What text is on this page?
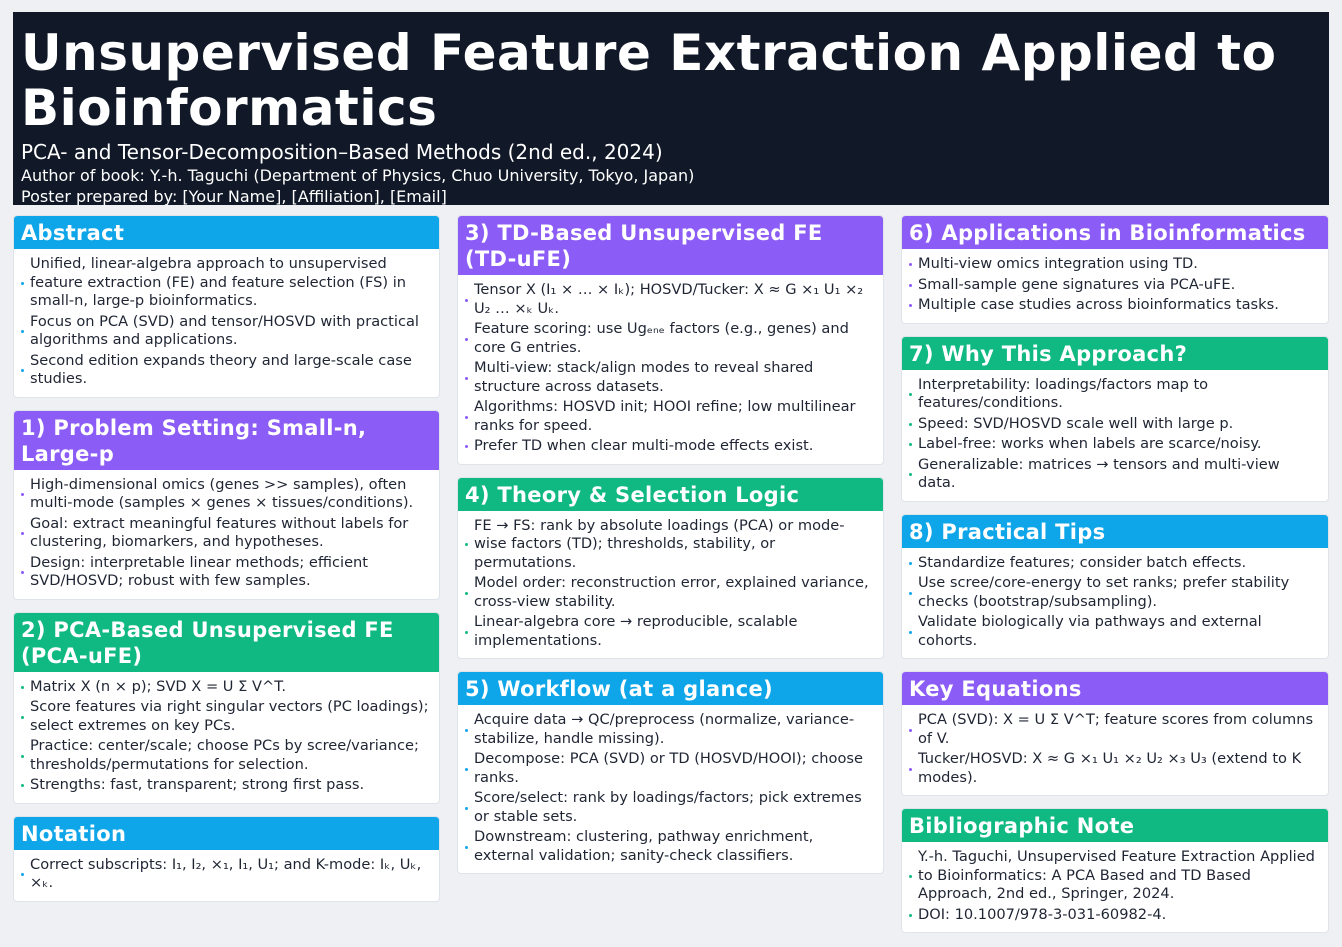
Unsupervised Feature Extraction Applied to Bioinformatics
PCA- and Tensor-Decomposition–Based Methods (2nd ed., 2024)
Author of book: Y.-h. Taguchi (Department of Physics, Chuo University, Tokyo, Japan)
Poster prepared by: [Your Name], [Affiliation], [Email]
Abstract
Unified, linear-algebra approach to unsupervised feature extraction (FE) and feature selection (FS) in small-n, large-p bioinformatics.
Focus on PCA (SVD) and tensor/HOSVD with practical algorithms and applications.
Second edition expands theory and large-scale case studies.
1) Problem Setting: Small-n, Large-p
High-dimensional omics (genes >> samples), often multi-mode (samples × genes × tissues/conditions).
Goal: extract meaningful features without labels for clustering, biomarkers, and hypotheses.
Design: interpretable linear methods; efficient SVD/HOSVD; robust with few samples.
2) PCA-Based Unsupervised FE (PCA-uFE)
Matrix X (n × p); SVD X = U Σ V^T.
Score features via right singular vectors (PC loadings); select extremes on key PCs.
Practice: center/scale; choose PCs by scree/variance; thresholds/permutations for selection.
Strengths: fast, transparent; strong first pass.
Notation
Correct subscripts: I₁, I₂, ×₁, I₁, U₁; and K-mode: Iₖ, Uₖ, ×ₖ.
3) TD-Based Unsupervised FE (TD-uFE)
Tensor X (I₁ × … × Iₖ); HOSVD/Tucker: X ≈ G ×₁ U₁ ×₂ U₂ … ×ₖ Uₖ.
Feature scoring: use Ugₑₙₑ factors (e.g., genes) and core G entries.
Multi-view: stack/align modes to reveal shared structure across datasets.
Algorithms: HOSVD init; HOOI refine; low multilinear ranks for speed.
Prefer TD when clear multi-mode effects exist.
4) Theory & Selection Logic
FE → FS: rank by absolute loadings (PCA) or mode-wise factors (TD); thresholds, stability, or permutations.
Model order: reconstruction error, explained variance, cross-view stability.
Linear-algebra core → reproducible, scalable implementations.
5) Workflow (at a glance)
Acquire data → QC/preprocess (normalize, variance-stabilize, handle missing).
Decompose: PCA (SVD) or TD (HOSVD/HOOI); choose ranks.
Score/select: rank by loadings/factors; pick extremes or stable sets.
Downstream: clustering, pathway enrichment, external validation; sanity-check classifiers.
6) Applications in Bioinformatics
Multi-view omics integration using TD.
Small-sample gene signatures via PCA-uFE.
Multiple case studies across bioinformatics tasks.
7) Why This Approach?
Interpretability: loadings/factors map to features/conditions.
Speed: SVD/HOSVD scale well with large p.
Label-free: works when labels are scarce/noisy.
Generalizable: matrices → tensors and multi-view data.
8) Practical Tips
Standardize features; consider batch effects.
Use scree/core-energy to set ranks; prefer stability checks (bootstrap/subsampling).
Validate biologically via pathways and external cohorts.
Key Equations
PCA (SVD): X = U Σ V^T; feature scores from columns of V.
Tucker/HOSVD: X ≈ G ×₁ U₁ ×₂ U₂ ×₃ U₃ (extend to K modes).
Bibliographic Note
Y.-h. Taguchi, Unsupervised Feature Extraction Applied to Bioinformatics: A PCA Based and TD Based Approach, 2nd ed., Springer, 2024.
DOI: 10.1007/978-3-031-60982-4.
